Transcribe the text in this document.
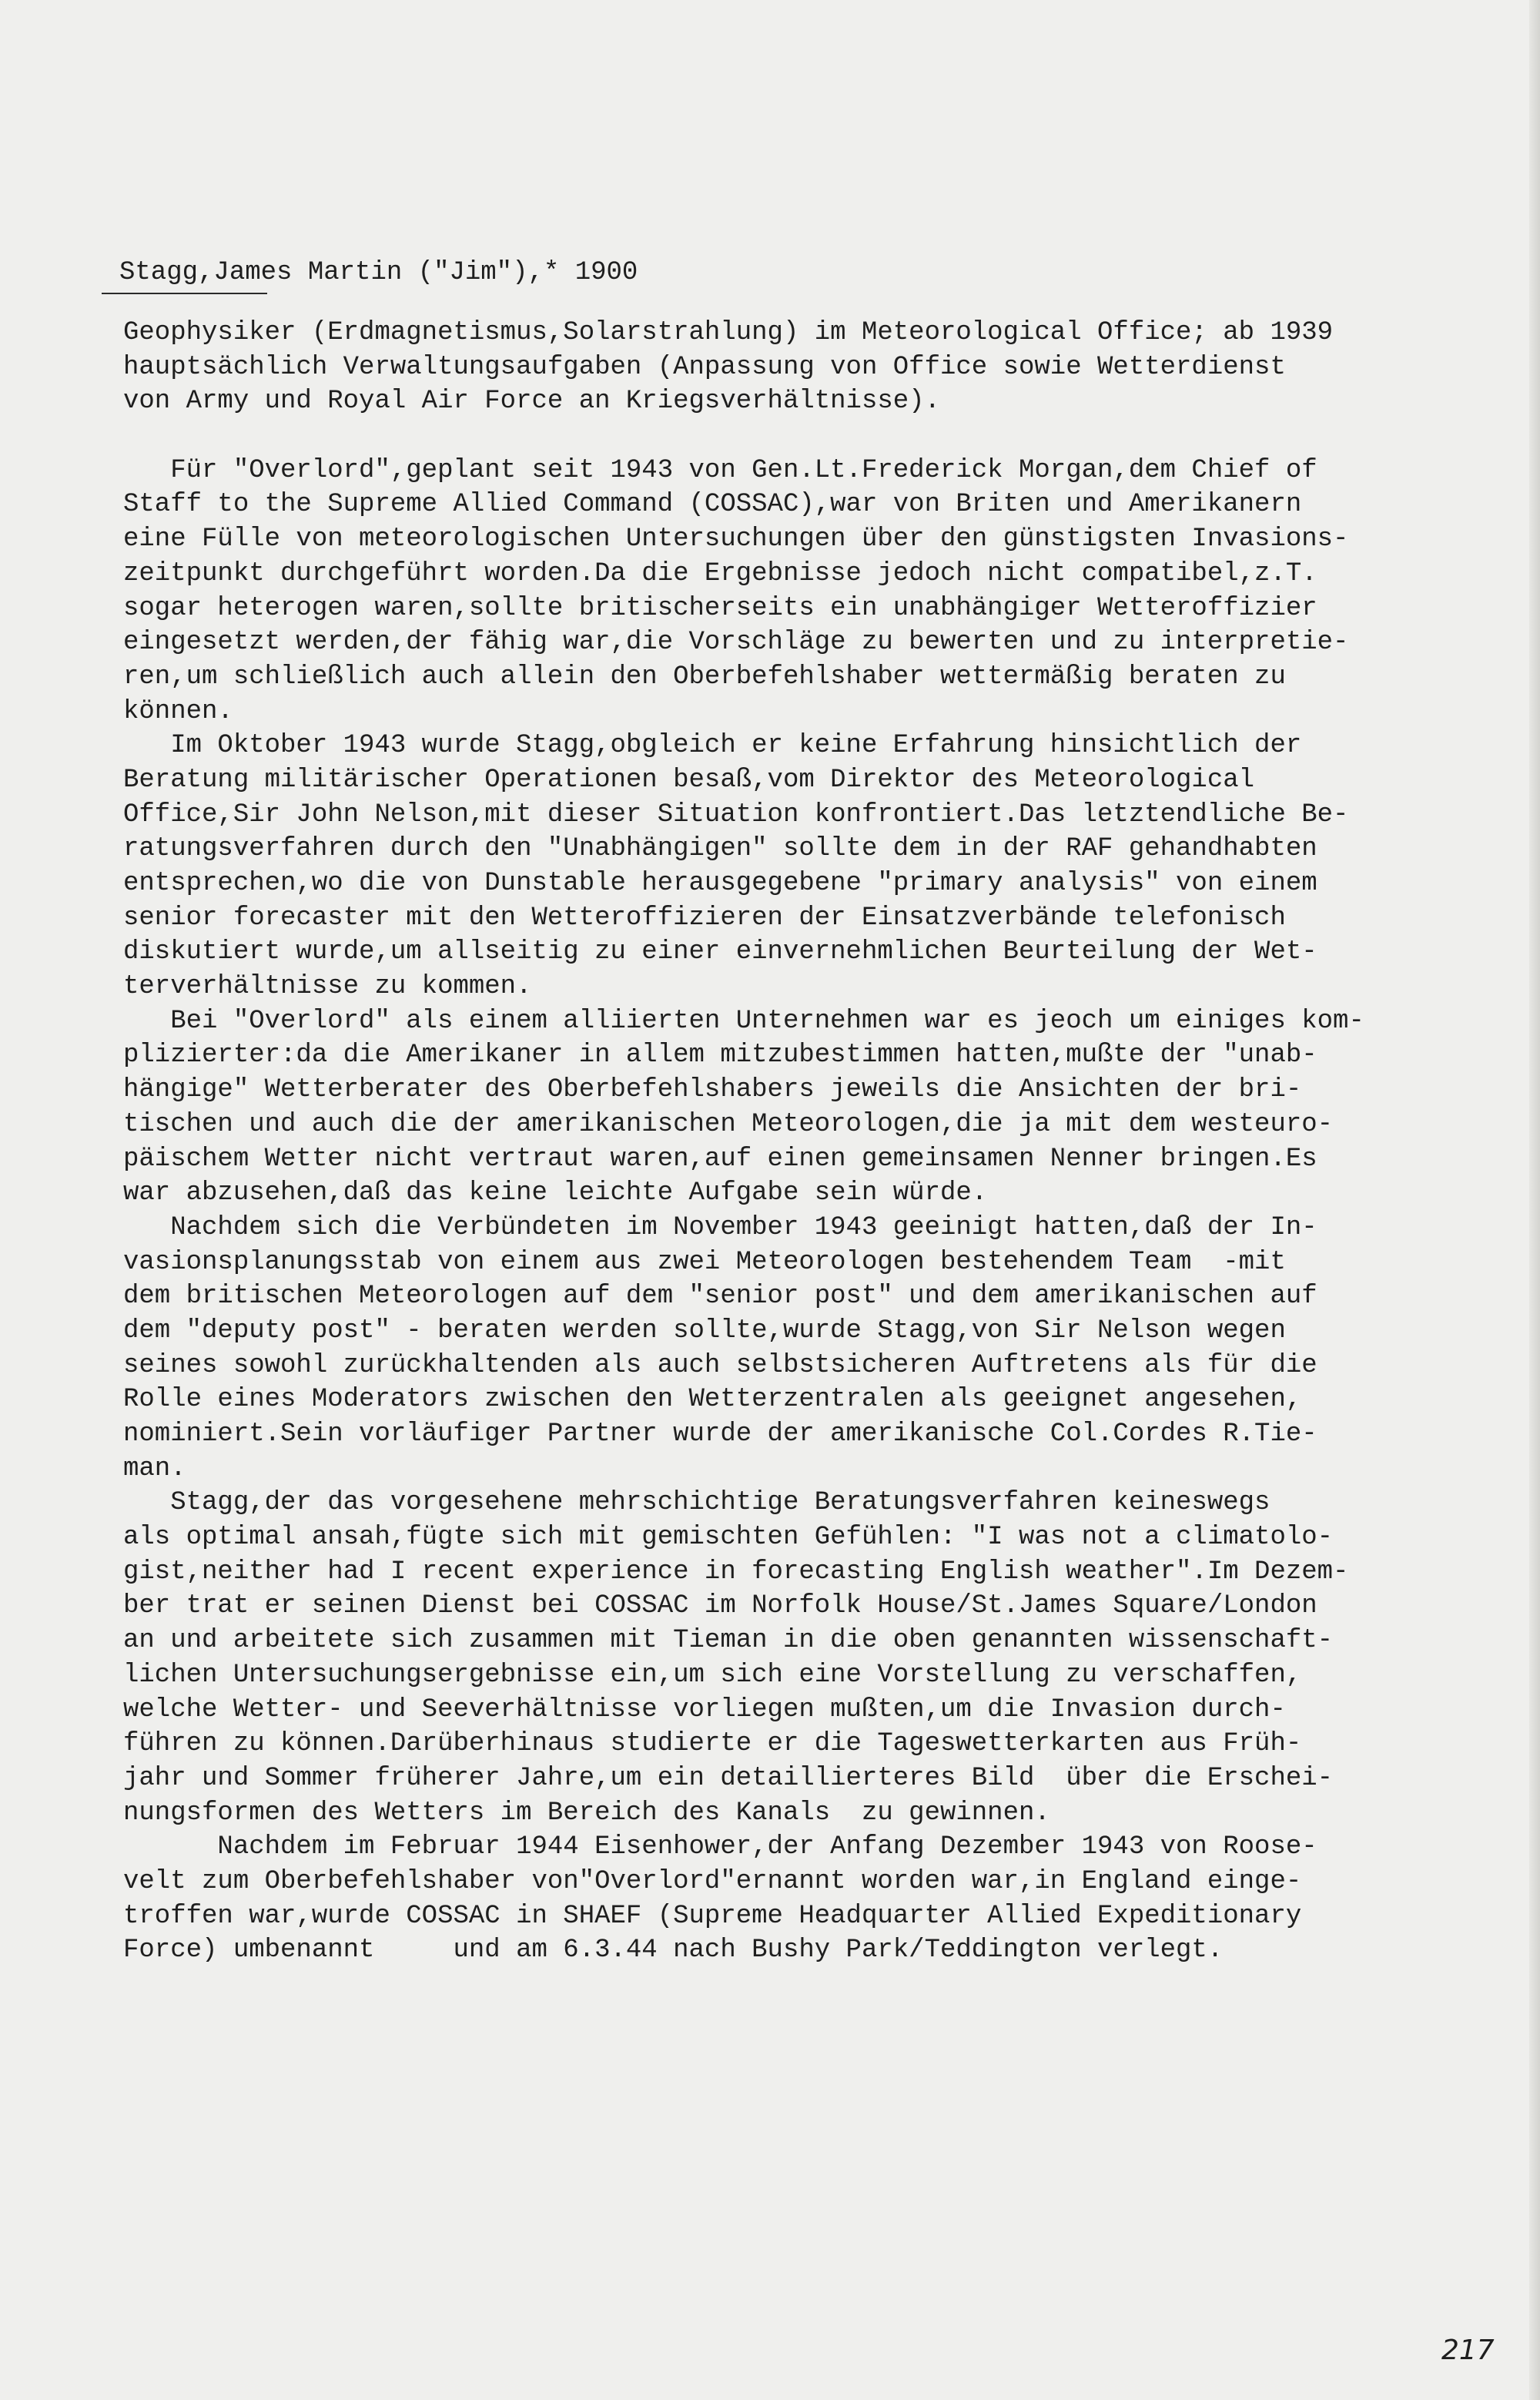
Stagg,James Martin ("Jim"),* 1900
Geophysiker (Erdmagnetismus,Solarstrahlung) im Meteorological Office; ab 1939
hauptsächlich Verwaltungsaufgaben (Anpassung von Office sowie Wetterdienst
von Army und Royal Air Force an Kriegsverhältnisse).
Für "Overlord",geplant seit 1943 von Gen.Lt.Frederick Morgan,dem Chief of
Staff to the Supreme Allied Command (COSSAC),war von Briten und Amerikanern
eine Fülle von meteorologischen Untersuchungen über den günstigsten Invasions-
zeitpunkt durchgeführt worden.Da die Ergebnisse jedoch nicht compatibel,z.T.
sogar heterogen waren,sollte britischerseits ein unabhängiger Wetteroffizier
eingesetzt werden,der fähig war,die Vorschläge zu bewerten und zu interpretie-
ren,um schließlich auch allein den Oberbefehlshaber wettermäßig beraten zu
können.
Im Oktober 1943 wurde Stagg,obgleich er keine Erfahrung hinsichtlich der
Beratung militärischer Operationen besaß,vom Direktor des Meteorological
Office,Sir John Nelson,mit dieser Situation konfrontiert.Das letztendliche Be-
ratungsverfahren durch den "Unabhängigen" sollte dem in der RAF gehandhabten
entsprechen,wo die von Dunstable herausgegebene "primary analysis" von einem
senior forecaster mit den Wetteroffizieren der Einsatzverbände telefonisch
diskutiert wurde,um allseitig zu einer einvernehmlichen Beurteilung der Wet-
terverhältnisse zu kommen.
Bei "Overlord" als einem alliierten Unternehmen war es jeoch um einiges kom-
plizierter:da die Amerikaner in allem mitzubestimmen hatten,mußte der "unab-
hängige" Wetterberater des Oberbefehlshabers jeweils die Ansichten der bri-
tischen und auch die der amerikanischen Meteorologen,die ja mit dem westeuro-
päischem Wetter nicht vertraut waren,auf einen gemeinsamen Nenner bringen.Es
war abzusehen,daß das keine leichte Aufgabe sein würde.
Nachdem sich die Verbündeten im November 1943 geeinigt hatten,daß der In-
vasionsplanungsstab von einem aus zwei Meteorologen bestehendem Team  -mit
dem britischen Meteorologen auf dem "senior post" und dem amerikanischen auf
dem "deputy post" - beraten werden sollte,wurde Stagg,von Sir Nelson wegen
seines sowohl zurückhaltenden als auch selbstsicheren Auftretens als für die
Rolle eines Moderators zwischen den Wetterzentralen als geeignet angesehen,
nominiert.Sein vorläufiger Partner wurde der amerikanische Col.Cordes R.Tie-
man.
Stagg,der das vorgesehene mehrschichtige Beratungsverfahren keineswegs
als optimal ansah,fügte sich mit gemischten Gefühlen: "I was not a climatolo-
gist,neither had I recent experience in forecasting English weather".Im Dezem-
ber trat er seinen Dienst bei COSSAC im Norfolk House/St.James Square/London
an und arbeitete sich zusammen mit Tieman in die oben genannten wissenschaft-
lichen Untersuchungsergebnisse ein,um sich eine Vorstellung zu verschaffen,
welche Wetter- und Seeverhältnisse vorliegen mußten,um die Invasion durch-
führen zu können.Darüberhinaus studierte er die Tageswetterkarten aus Früh-
jahr und Sommer früherer Jahre,um ein detaillierteres Bild  über die Erschei-
nungsformen des Wetters im Bereich des Kanals  zu gewinnen.
Nachdem im Februar 1944 Eisenhower,der Anfang Dezember 1943 von Roose-
velt zum Oberbefehlshaber von"Overlord"ernannt worden war,in England einge-
troffen war,wurde COSSAC in SHAEF (Supreme Headquarter Allied Expeditionary
Force) umbenannt     und am 6.3.44 nach Bushy Park/Teddington verlegt.
217
